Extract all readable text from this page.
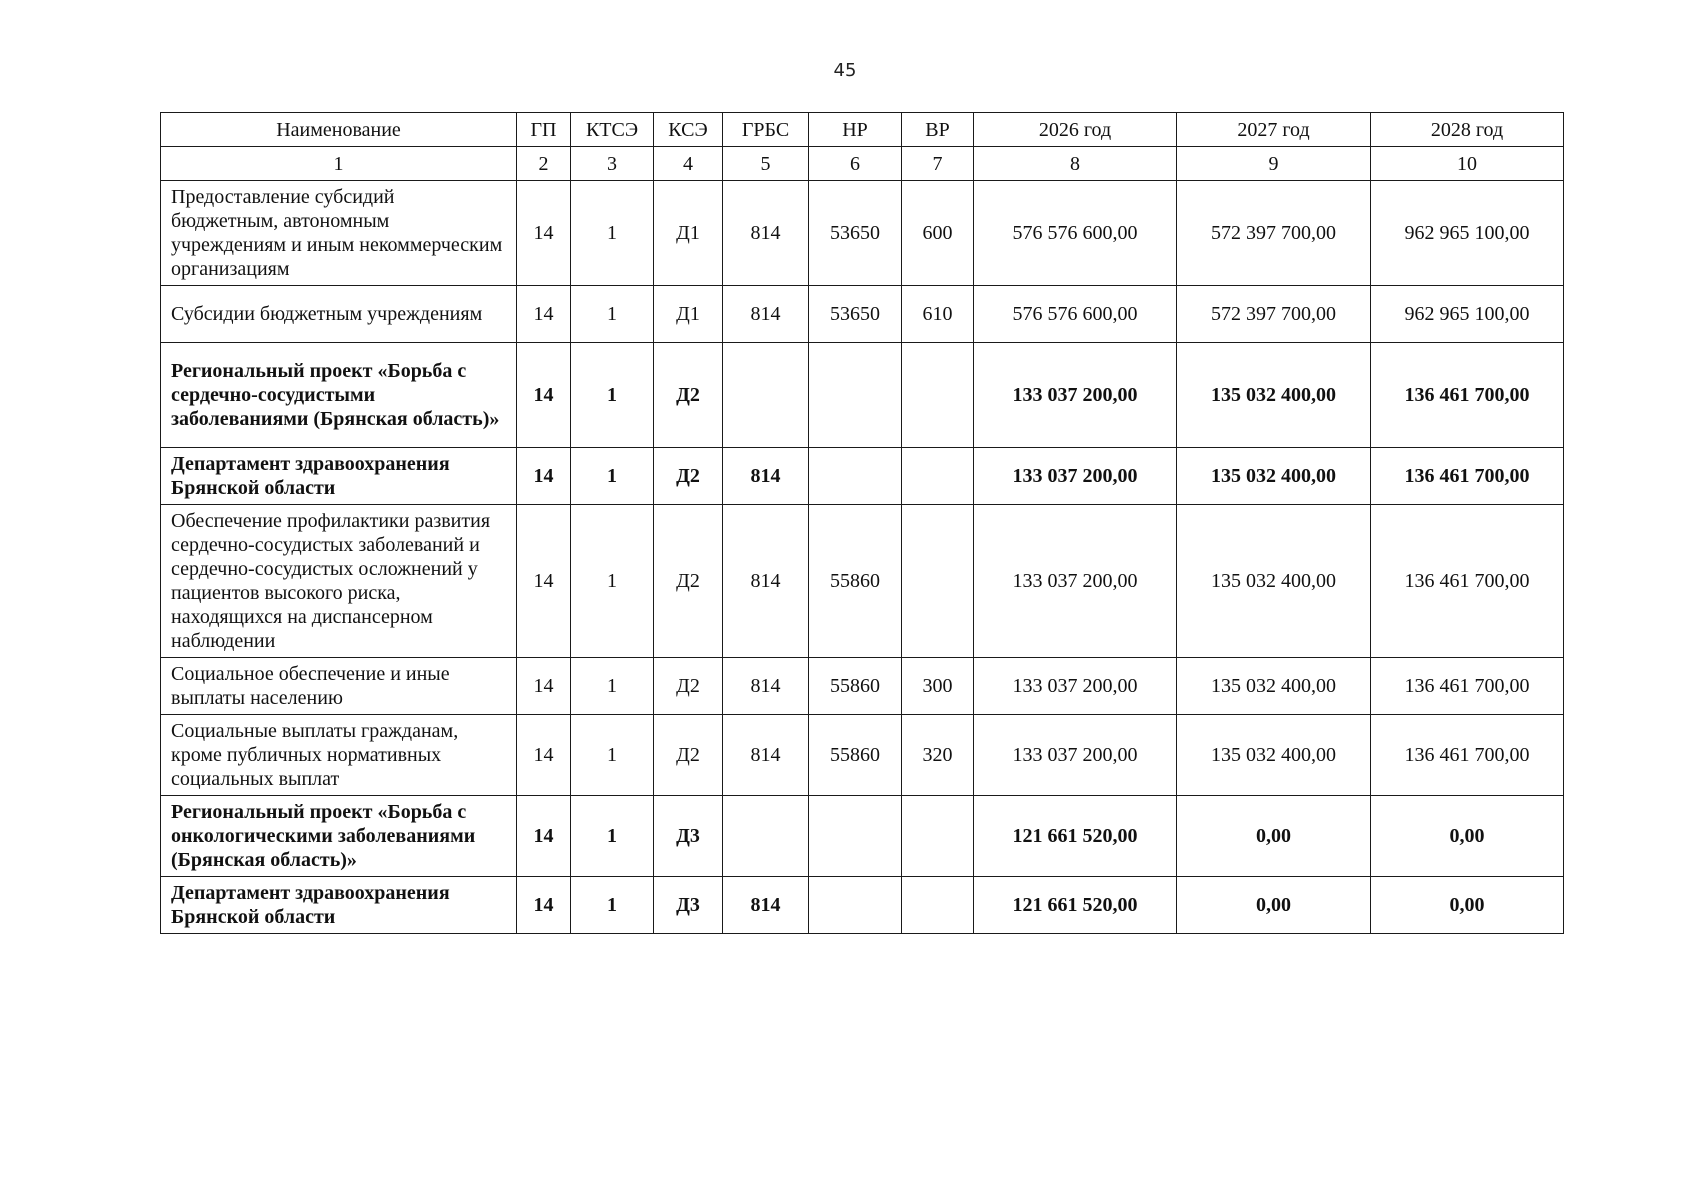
45
Наименование	ГП	КТСЭ	КСЭ	ГРБС	НР	ВР	2026 год	2027 год	2028 год
1	2	3	4	5	6	7	8	9	10
Предоставление субсидий бюджетным, автономным учреждениям и иным некоммерческим организациям	14	1	Д1	814	53650	600	576 576 600,00	572 397 700,00	962 965 100,00
Субсидии бюджетным учреждениям	14	1	Д1	814	53650	610	576 576 600,00	572 397 700,00	962 965 100,00
Региональный проект «Борьба с сердечно-сосудистыми заболеваниями (Брянская область)»	14	1	Д2				133 037 200,00	135 032 400,00	136 461 700,00
Департамент здравоохранения Брянской области	14	1	Д2	814			133 037 200,00	135 032 400,00	136 461 700,00
Обеспечение профилактики развития сердечно-сосудистых заболеваний и сердечно-сосудистых осложнений у пациентов высокого риска, находящихся на диспансерном наблюдении	14	1	Д2	814	55860		133 037 200,00	135 032 400,00	136 461 700,00
Социальное обеспечение и иные выплаты населению	14	1	Д2	814	55860	300	133 037 200,00	135 032 400,00	136 461 700,00
Социальные выплаты гражданам, кроме публичных нормативных социальных выплат	14	1	Д2	814	55860	320	133 037 200,00	135 032 400,00	136 461 700,00
Региональный проект «Борьба с онкологическими заболеваниями (Брянская область)»	14	1	Д3				121 661 520,00	0,00	0,00
Департамент здравоохранения Брянской области	14	1	Д3	814			121 661 520,00	0,00	0,00
